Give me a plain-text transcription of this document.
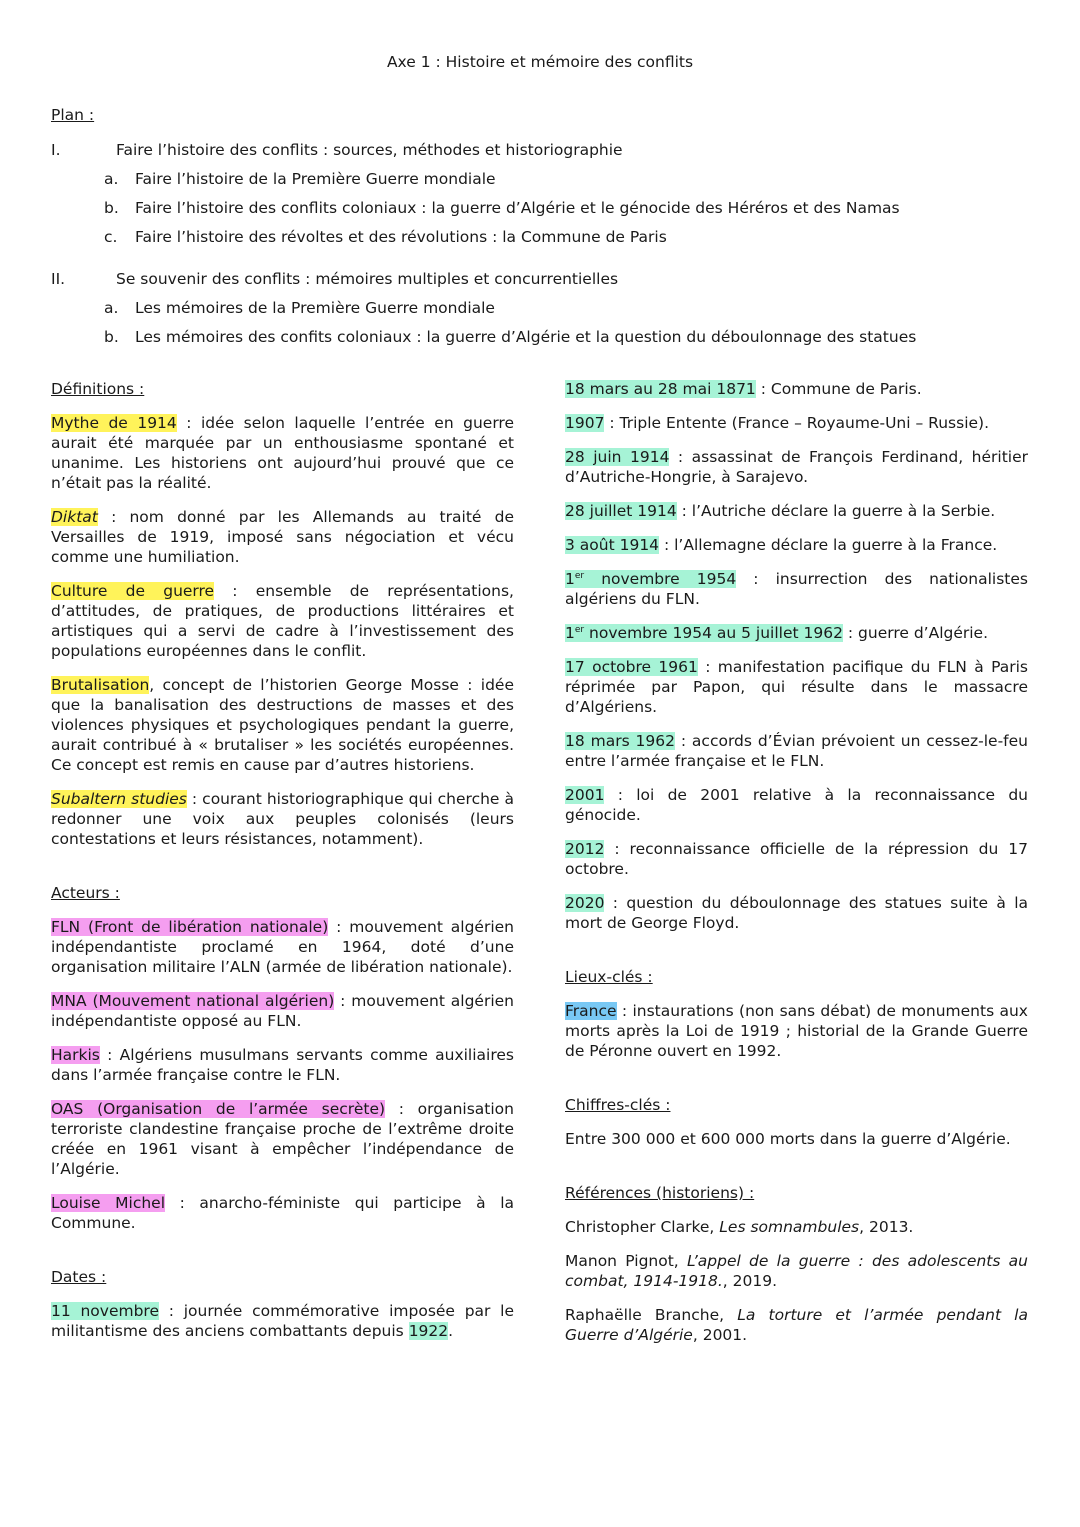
Axe 1 : Histoire et mémoire des conflits
Plan :
I.	Faire l’histoire des conflits : sources, méthodes et historiographie
a. Faire l’histoire de la Première Guerre mondiale
b. Faire l’histoire des conflits coloniaux : la guerre d’Algérie et le génocide des Héréros et des Namas
c. Faire l’histoire des révoltes et des révolutions : la Commune de Paris
II.	Se souvenir des conflits : mémoires multiples et concurrentielles
a. Les mémoires de la Première Guerre mondiale
b. Les mémoires des confits coloniaux : la guerre d’Algérie et la question du déboulonnage des statues
Définitions :

Mythe de 1914 : idée selon laquelle l’entrée en guerre aurait été marquée par un enthousiasme spontané et unanime. Les historiens ont aujourd’hui prouvé que ce n’était pas la réalité.

Diktat : nom donné par les Allemands au traité de Versailles de 1919, imposé sans négociation et vécu comme une humiliation.

Culture de guerre : ensemble de représentations, d’attitudes, de pratiques, de productions littéraires et artistiques qui a servi de cadre à l’investissement des populations européennes dans le conflit.

Brutalisation, concept de l’historien George Mosse : idée que la banalisation des destructions de masses et des violences physiques et psychologiques pendant la guerre, aurait contribué à « brutaliser » les sociétés européennes. Ce concept est remis en cause par d’autres historiens.

Subaltern studies : courant historiographique qui cherche à redonner une voix aux peuples colonisés (leurs contestations et leurs résistances, notamment).

Acteurs :

FLN (Front de libération nationale) : mouvement algérien indépendantiste proclamé en 1964, doté d’une organisation militaire l’ALN (armée de libération nationale).

MNA (Mouvement national algérien) : mouvement algérien indépendantiste opposé au FLN.

Harkis : Algériens musulmans servants comme auxiliaires dans l’armée française contre le FLN.

OAS (Organisation de l’armée secrète) : organisation terroriste clandestine française proche de l’extrême droite créée en 1961 visant à empêcher l’indépendance de l’Algérie.

Louise Michel : anarcho-féministe qui participe à la Commune.

Dates :

11 novembre : journée commémorative imposée par le militantisme des anciens combattants depuis 1922.

18 mars au 28 mai 1871 : Commune de Paris.

1907 : Triple Entente (France – Royaume-Uni – Russie).

28 juin 1914 : assassinat de François Ferdinand, héritier d’Autriche-Hongrie, à Sarajevo.

28 juillet 1914 : l’Autriche déclare la guerre à la Serbie.

3 août 1914 : l’Allemagne déclare la guerre à la France.

1er novembre 1954 : insurrection des nationalistes algériens du FLN.

1er novembre 1954 au 5 juillet 1962 : guerre d’Algérie.

17 octobre 1961 : manifestation pacifique du FLN à Paris réprimée par Papon, qui résulte dans le massacre d’Algériens.

18 mars 1962 : accords d’Évian prévoient un cessez-le-feu entre l’armée française et le FLN.

2001 : loi de 2001 relative à la reconnaissance du génocide.

2012 : reconnaissance officielle de la répression du 17 octobre.

2020 : question du déboulonnage des statues suite à la mort de George Floyd.

Lieux-clés :

France : instaurations (non sans débat) de monuments aux morts après la Loi de 1919 ; historial de la Grande Guerre de Péronne ouvert en 1992.

Chiffres-clés :

Entre 300 000 et 600 000 morts dans la guerre d’Algérie.

Références (historiens) :

Christopher Clarke, Les somnambules, 2013.

Manon Pignot, L’appel de la guerre : des adolescents au combat, 1914-1918., 2019.

Raphaëlle Branche, La torture et l’armée pendant la Guerre d’Algérie, 2001.
